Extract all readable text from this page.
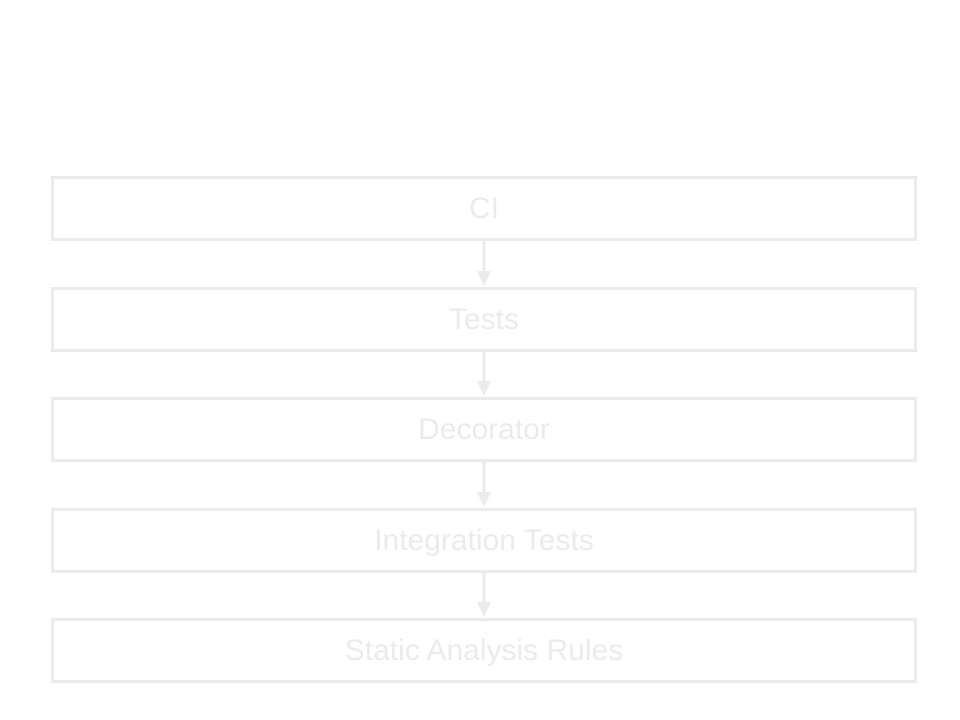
CI
Tests
Decorator
Integration Tests
Static Analysis Rules
